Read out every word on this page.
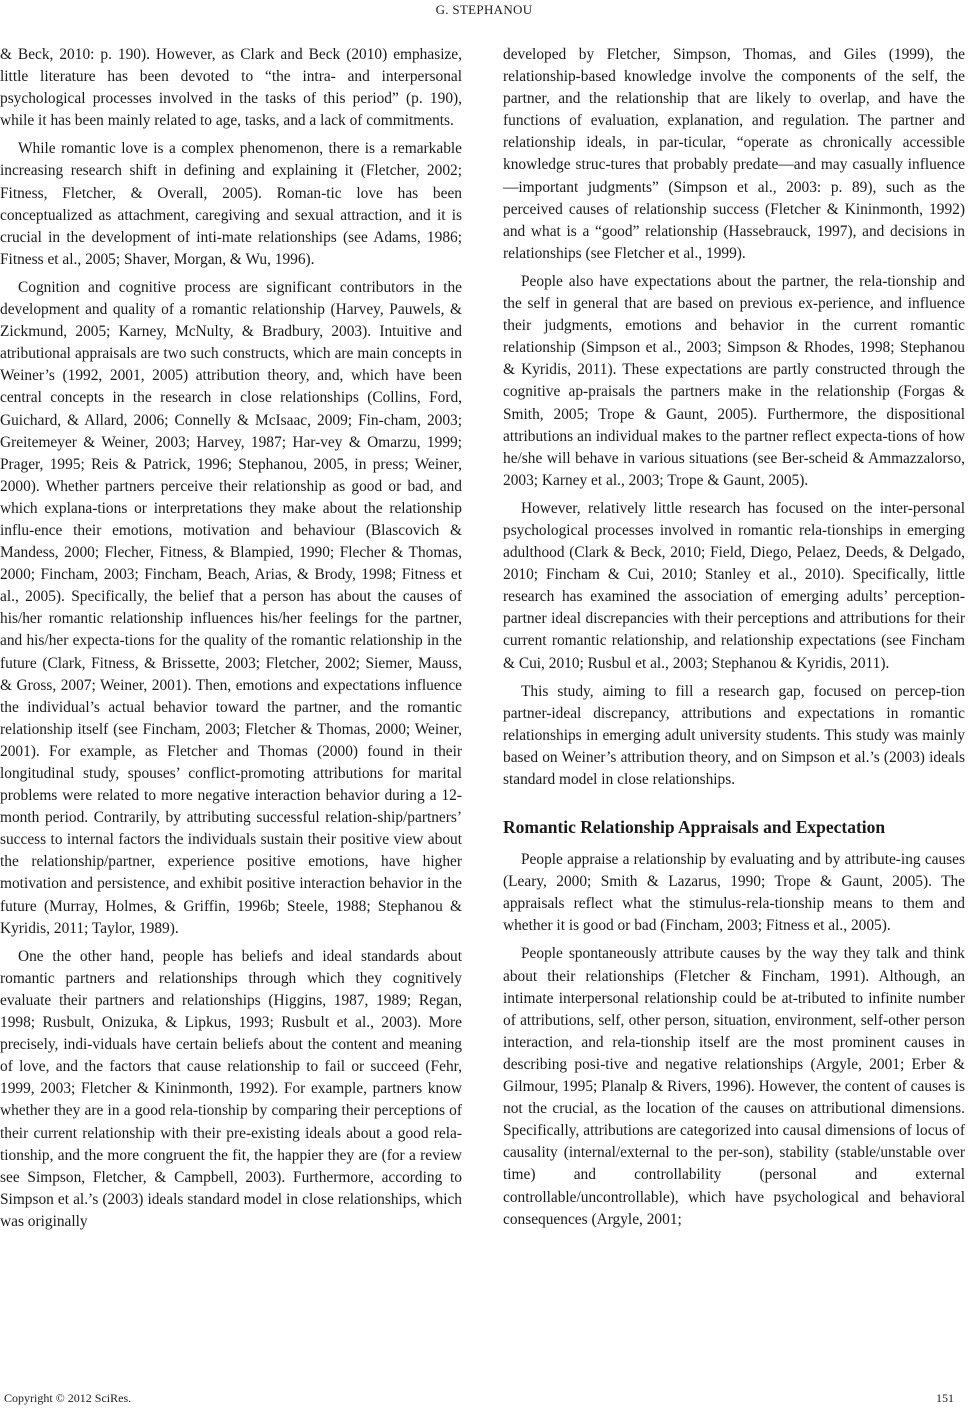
G. STEPHANOU

& Beck, 2010: p. 190). However, as Clark and Beck (2010) emphasize, little literature has been devoted to “the intra- and interpersonal psychological processes involved in the tasks of this period” (p. 190), while it has been mainly related to age, tasks, and a lack of commitments.

While romantic love is a complex phenomenon, there is a remarkable increasing research shift in defining and explaining it (Fletcher, 2002; Fitness, Fletcher, & Overall, 2005). Roman-tic love has been conceptualized as attachment, caregiving and sexual attraction, and it is crucial in the development of inti-mate relationships (see Adams, 1986; Fitness et al., 2005; Shaver, Morgan, & Wu, 1996).

Cognition and cognitive process are significant contributors in the development and quality of a romantic relationship (Harvey, Pauwels, & Zickmund, 2005; Karney, McNulty, & Bradbury, 2003). Intuitive and atributional appraisals are two such constructs, which are main concepts in Weiner’s (1992, 2001, 2005) attribution theory, and, which have been central concepts in the research in close relationships (Collins, Ford, Guichard, & Allard, 2006; Connelly & McIsaac, 2009; Fin-cham, 2003; Greitemeyer & Weiner, 2003; Harvey, 1987; Har-vey & Omarzu, 1999; Prager, 1995; Reis & Patrick, 1996; Stephanou, 2005, in press; Weiner, 2000). Whether partners perceive their relationship as good or bad, and which explana-tions or interpretations they make about the relationship influ-ence their emotions, motivation and behaviour (Blascovich & Mandess, 2000; Flecher, Fitness, & Blampied, 1990; Flecher & Thomas, 2000; Fincham, 2003; Fincham, Beach, Arias, & Brody, 1998; Fitness et al., 2005). Specifically, the belief that a person has about the causes of his/her romantic relationship influences his/her feelings for the partner, and his/her expecta-tions for the quality of the romantic relationship in the future (Clark, Fitness, & Brissette, 2003; Fletcher, 2002; Siemer, Mauss, & Gross, 2007; Weiner, 2001). Then, emotions and expectations influence the individual’s actual behavior toward the partner, and the romantic relationship itself (see Fincham, 2003; Fletcher & Thomas, 2000; Weiner, 2001). For example, as Fletcher and Thomas (2000) found in their longitudinal study, spouses’ conflict-promoting attributions for marital problems were related to more negative interaction behavior during a 12-month period. Contrarily, by attributing successful relation-ship/partners’ success to internal factors the individuals sustain their positive view about the relationship/partner, experience positive emotions, have higher motivation and persistence, and exhibit positive interaction behavior in the future (Murray, Holmes, & Griffin, 1996b; Steele, 1988; Stephanou & Kyridis, 2011; Taylor, 1989).

One the other hand, people has beliefs and ideal standards about romantic partners and relationships through which they cognitively evaluate their partners and relationships (Higgins, 1987, 1989; Regan, 1998; Rusbult, Onizuka, & Lipkus, 1993; Rusbult et al., 2003). More precisely, indi-viduals have certain beliefs about the content and meaning of love, and the factors that cause relationship to fail or succeed (Fehr, 1999, 2003; Fletcher & Kininmonth, 1992). For example, partners know whether they are in a good rela-tionship by comparing their perceptions of their current relationship with their pre-existing ideals about a good rela-tionship, and the more congruent the fit, the happier they are (for a review see Simpson, Fletcher, & Campbell, 2003). Furthermore, according to Simpson et al.’s (2003) ideals standard model in close relationships, which was originally

developed by Fletcher, Simpson, Thomas, and Giles (1999), the relationship-based knowledge involve the components of the self, the partner, and the relationship that are likely to overlap, and have the functions of evaluation, explanation, and regulation. The partner and relationship ideals, in par-ticular, “operate as chronically accessible knowledge struc-tures that probably predate—and may casually influence—important judgments” (Simpson et al., 2003: p. 89), such as the perceived causes of relationship success (Fletcher & Kininmonth, 1992) and what is a “good” relationship (Hassebrauck, 1997), and decisions in relationships (see Fletcher et al., 1999).

People also have expectations about the partner, the rela-tionship and the self in general that are based on previous ex-perience, and influence their judgments, emotions and behavior in the current romantic relationship (Simpson et al., 2003; Simpson & Rhodes, 1998; Stephanou & Kyridis, 2011). These expectations are partly constructed through the cognitive ap-praisals the partners make in the relationship (Forgas & Smith, 2005; Trope & Gaunt, 2005). Furthermore, the dispositional attributions an individual makes to the partner reflect expecta-tions of how he/she will behave in various situations (see Ber-scheid & Ammazzalorso, 2003; Karney et al., 2003; Trope & Gaunt, 2005).

However, relatively little research has focused on the inter-personal psychological processes involved in romantic rela-tionships in emerging adulthood (Clark & Beck, 2010; Field, Diego, Pelaez, Deeds, & Delgado, 2010; Fincham & Cui, 2010; Stanley et al., 2010). Specifically, little research has examined the association of emerging adults’ perception-partner ideal discrepancies with their perceptions and attributions for their current romantic relationship, and relationship expectations (see Fincham & Cui, 2010; Rusbul et al., 2003; Stephanou & Kyridis, 2011).

This study, aiming to fill a research gap, focused on percep-tion partner-ideal discrepancy, attributions and expectations in romantic relationships in emerging adult university students. This study was mainly based on Weiner’s attribution theory, and on Simpson et al.’s (2003) ideals standard model in close relationships.

Romantic Relationship Appraisals and Expectation

People appraise a relationship by evaluating and by attribute-ing causes (Leary, 2000; Smith & Lazarus, 1990; Trope & Gaunt, 2005). The appraisals reflect what the stimulus-rela-tionship means to them and whether it is good or bad (Fincham, 2003; Fitness et al., 2005).

People spontaneously attribute causes by the way they talk and think about their relationships (Fletcher & Fincham, 1991). Although, an intimate interpersonal relationship could be at-tributed to infinite number of attributions, self, other person, situation, environment, self-other person interaction, and rela-tionship itself are the most prominent causes in describing posi-tive and negative relationships (Argyle, 2001; Erber & Gilmour, 1995; Planalp & Rivers, 1996). However, the content of causes is not the crucial, as the location of the causes on attributional dimensions. Specifically, attributions are categorized into causal dimensions of locus of causality (internal/external to the per-son), stability (stable/unstable over time) and controllability (personal and external controllable/uncontrollable), which have psychological and behavioral consequences (Argyle, 2001;

Copyright © 2012 SciRes.	151
